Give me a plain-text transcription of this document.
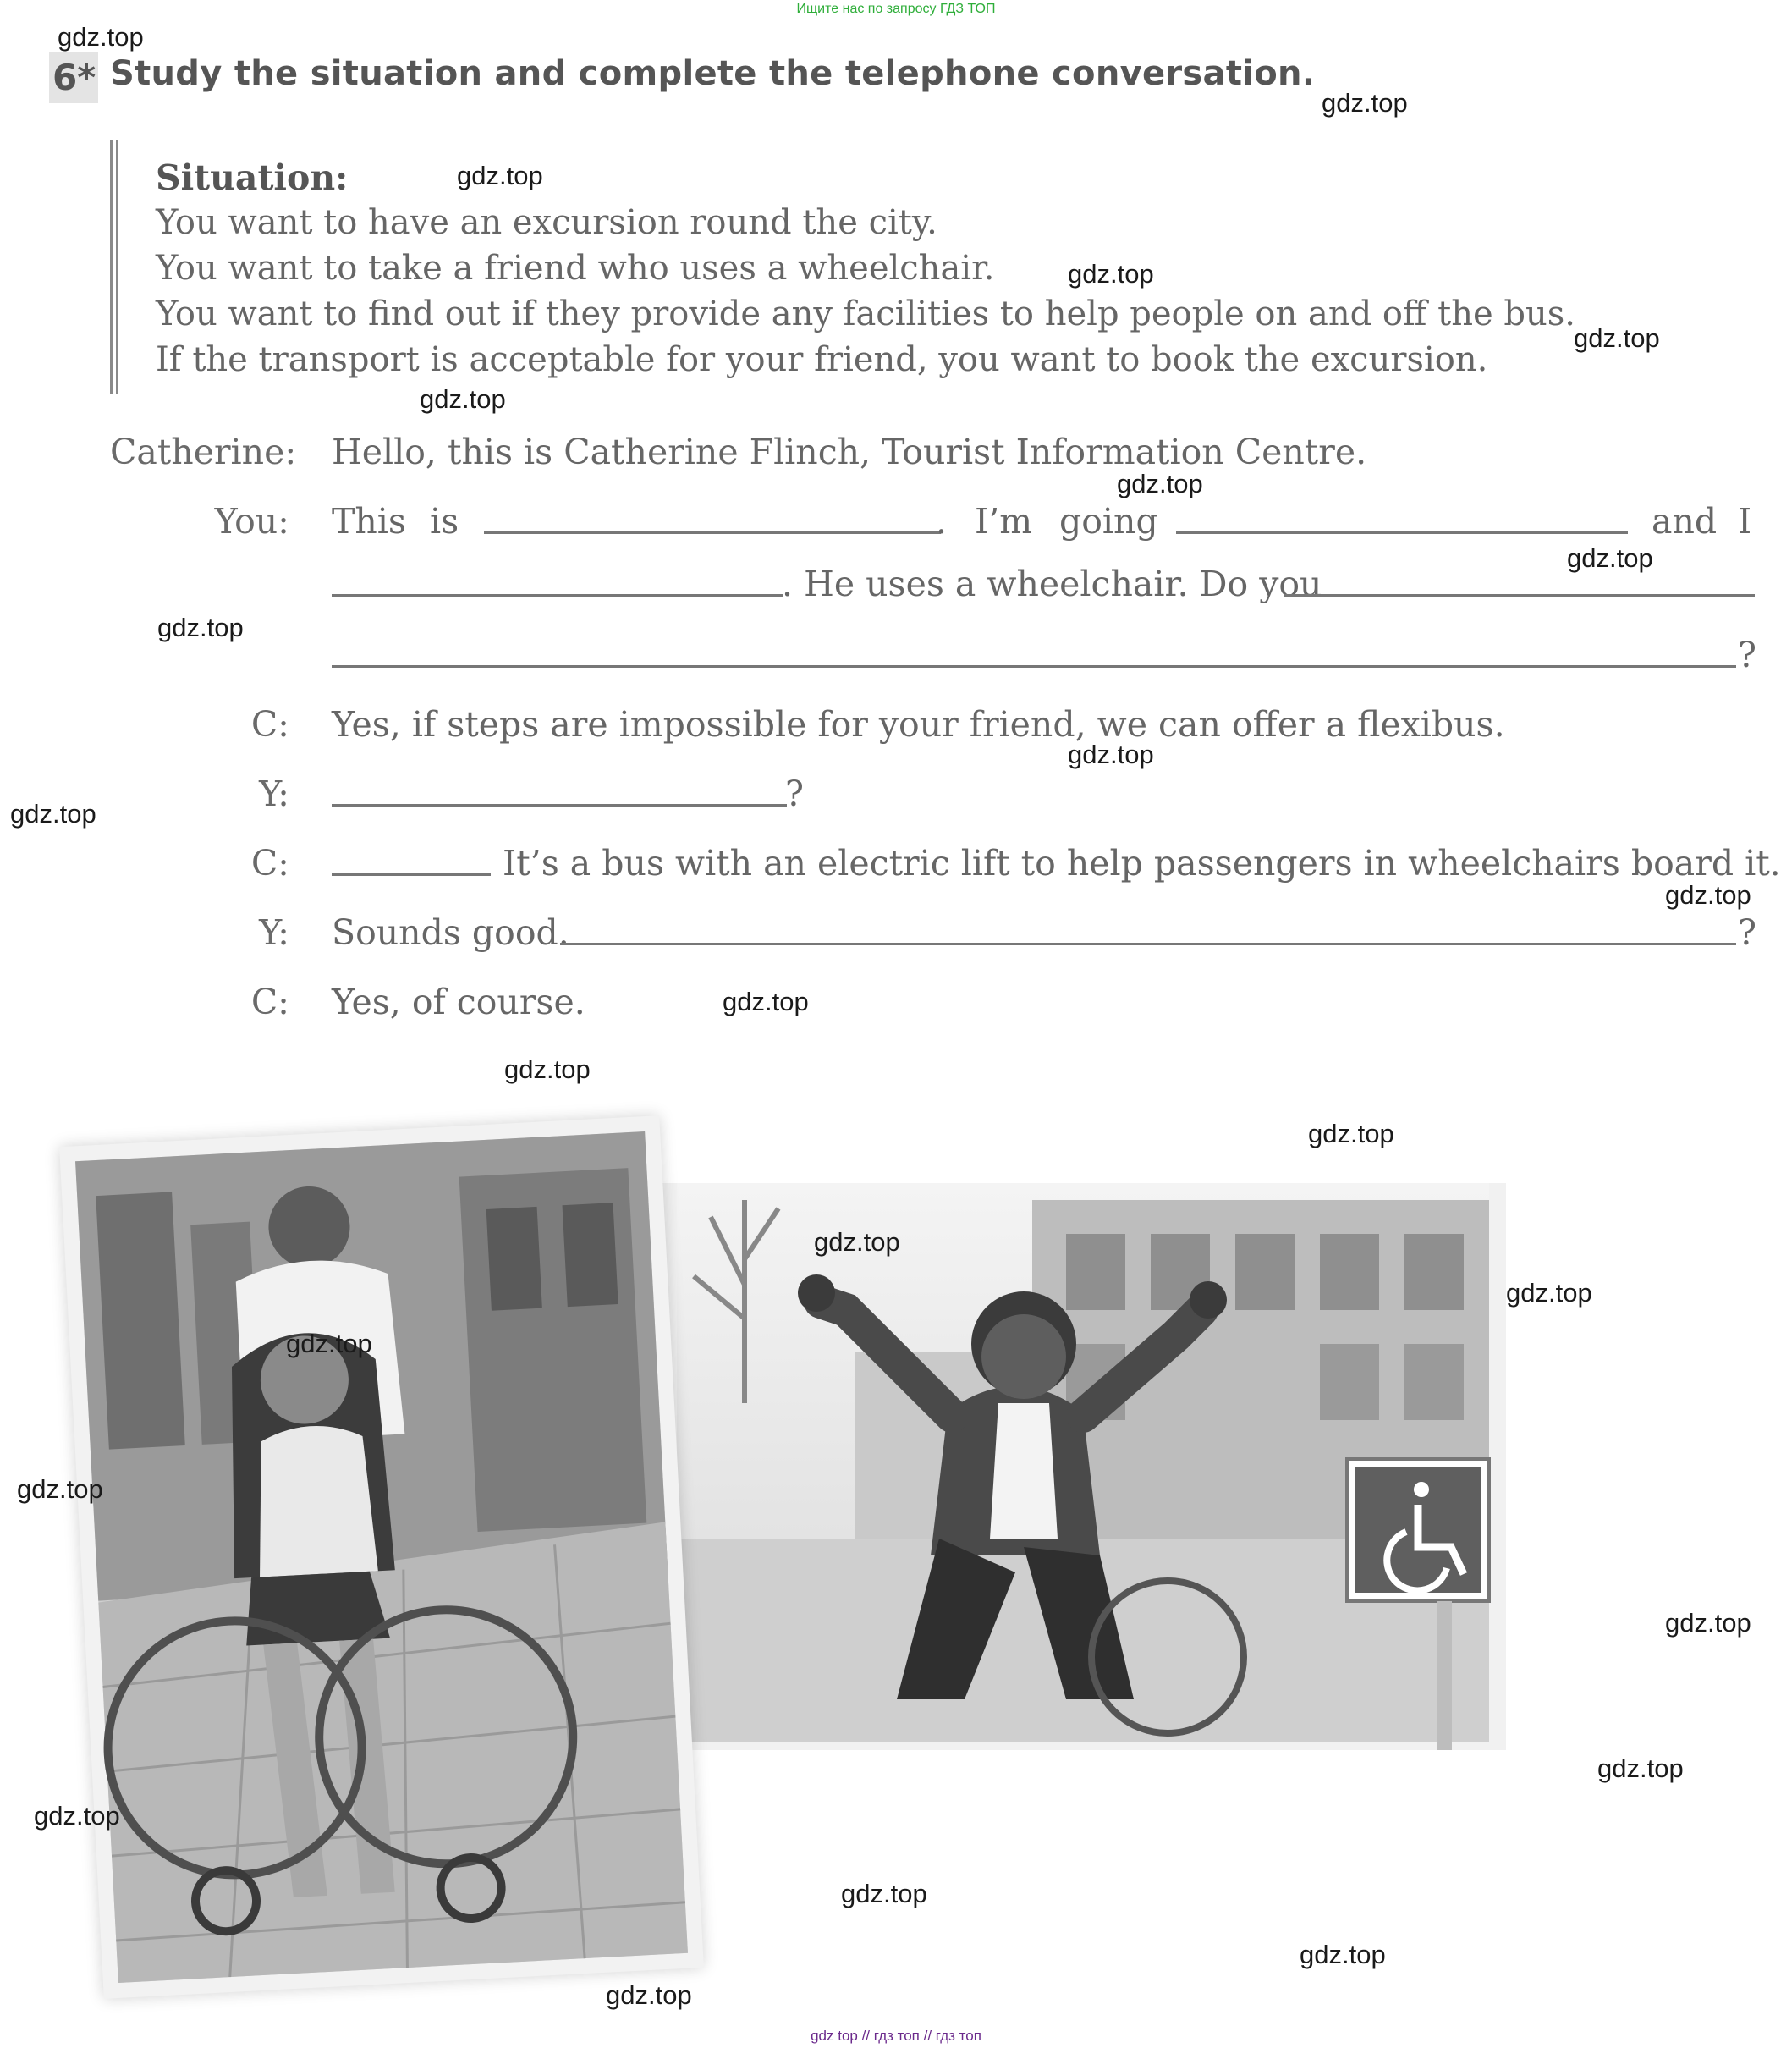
Ищите нас по запросу ГДЗ ТОП
6* Study the situation and complete the telephone conversation.
Situation:
You want to have an excursion round the city.
You want to take a friend who uses a wheelchair.
You want to find out if they provide any facilities to help people on and off the bus.
If the transport is acceptable for your friend, you want to book the excursion.
Catherine: Hello, this is Catherine Flinch, Tourist Information Centre.
You: This is	. I’m going	and I
. He uses a wheelchair. Do you
?
C: Yes, if steps are impossible for your friend, we can offer a flexibus.
Y:	?
C:	It’s a bus with an electric lift to help passengers in wheelchairs board it.
Y: Sounds good.	?
C: Yes, of course.
gdz.top
gdz.top
gdz.top
gdz.top
gdz.top
gdz.top
gdz.top
gdz.top
gdz.top
gdz.top
gdz.top
gdz.top
gdz.top
gdz.top
gdz.top
gdz.top
gdz.top
gdz.top
gdz.top
gdz.top
gdz.top
gdz.top
gdz.top
gdz.top
gdz.top
gdz top // гдз топ // гдз топ
